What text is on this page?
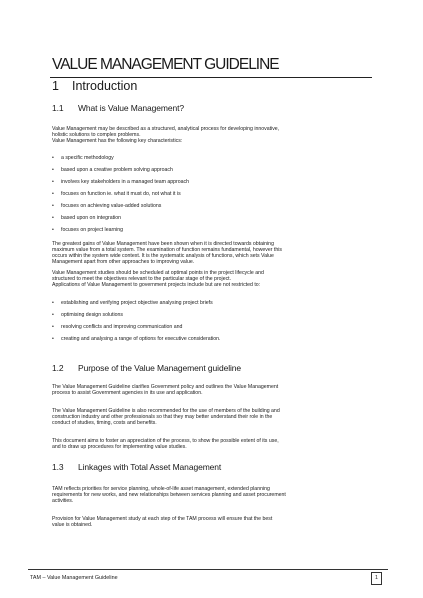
VALUE MANAGEMENT GUIDELINE
1 Introduction
1.1 What is Value Management?

Value Management may be described as a structured, analytical process for developing innovative,

holistic solutions to complex problems.

Value Management has the following key characteristics:

•	a specific methodology
•	based upon a creative problem solving approach
•	involves key stakeholders in a managed team approach
•	focuses on function ie. what it must do, not what it is
•	focuses on achieving value-added solutions
•	based upon on integration
•	focuses on project learning

The greatest gains of Value Management have been shown when it is directed towards obtaining

maximum value from a total system. The examination of function remains fundamental, however this

occurs within the system wide context. It is the systematic analysis of functions, which sets Value

Management apart from other approaches to improving value.

Value Management studies should be scheduled at optimal points in the project lifecycle and

structured to meet the objectives relevant to the particular stage of the project.

Applications of Value Management to government projects include but are not restricted to:

•	establishing and verifying project objective analysing project briefs
•	optimising design solutions
•	resolving conflicts and improving communication and
•	creating and analysing a range of options for executive consideration.
1.2 Purpose of the Value Management guideline

The Value Management Guideline clarifies Government policy and outlines the Value Management

process to assist Government agencies in its use and application.

The Value Management Guideline is also recommended for the use of members of the building and

construction industry and other professionals so that they may better understand their role in the

conduct of studies, timing, costs and benefits.

This document aims to foster an appreciation of the process, to show the possible extent of its use,

and to draw up procedures for implementing value studies.

1.3 Linkages with Total Asset Management

TAM reflects priorities for service planning, whole-of-life asset management, extended planning

requirements for new works, and new relationships between services planning and asset procurement

activities.

Provision for Value Management study at each step of the TAM process will ensure that the best

value is obtained.

TAM – Value Management Guideline	1
